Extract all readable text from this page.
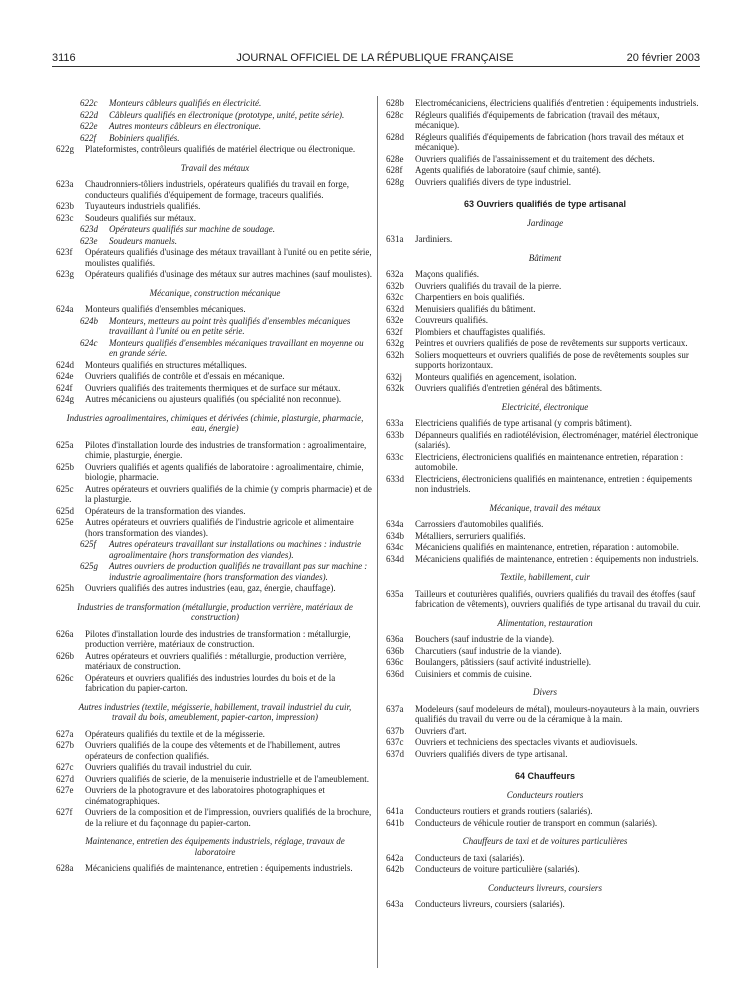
3116	JOURNAL OFFICIEL DE LA RÉPUBLIQUE FRANÇAISE	20 février 2003
622c Monteurs câbleurs qualifiés en électricité.
622d Câbleurs qualifiés en électronique (prototype, unité, petite série).
622e Autres monteurs câbleurs en électronique.
622f Bobiniers qualifiés.
622g Plateformistes, contrôleurs qualifiés de matériel électrique ou électronique.
Travail des métaux
623a Chaudronniers-tôliers industriels, opérateurs qualifiés du travail en forge, conducteurs qualifiés d'équipement de formage, traceurs qualifiés.
623b Tuyauteurs industriels qualifiés.
623c Soudeurs qualifiés sur métaux.
623d Opérateurs qualifiés sur machine de soudage.
623e Soudeurs manuels.
623f Opérateurs qualifiés d'usinage des métaux travaillant à l'unité ou en petite série, moulistes qualifiés.
623g Opérateurs qualifiés d'usinage des métaux sur autres machines (sauf moulistes).
Mécanique, construction mécanique
624a Monteurs qualifiés d'ensembles mécaniques.
624b Monteurs, metteurs au point très qualifiés d'ensembles mécaniques travaillant à l'unité ou en petite série.
624c Monteurs qualifiés d'ensembles mécaniques travaillant en moyenne ou en grande série.
624d Monteurs qualifiés en structures métalliques.
624e Ouvriers qualifiés de contrôle et d'essais en mécanique.
624f Ouvriers qualifiés des traitements thermiques et de surface sur métaux.
624g Autres mécaniciens ou ajusteurs qualifiés (ou spécialité non reconnue).
Industries agroalimentaires, chimiques et dérivées (chimie, plasturgie, pharmacie, eau, énergie)
625a Pilotes d'installation lourde des industries de transformation : agroalimentaire, chimie, plasturgie, énergie.
625b Ouvriers qualifiés et agents qualifiés de laboratoire : agroalimentaire, chimie, biologie, pharmacie.
625c Autres opérateurs et ouvriers qualifiés de la chimie (y compris pharmacie) et de la plasturgie.
625d Opérateurs de la transformation des viandes.
625e Autres opérateurs et ouvriers qualifiés de l'industrie agricole et alimentaire (hors transformation des viandes).
625f Autres opérateurs travaillant sur installations ou machines : industrie agroalimentaire (hors transformation des viandes).
625g Autres ouvriers de production qualifiés ne travaillant pas sur machine : industrie agroalimentaire (hors transformation des viandes).
625h Ouvriers qualifiés des autres industries (eau, gaz, énergie, chauffage).
Industries de transformation (métallurgie, production verrière, matériaux de construction)
626a Pilotes d'installation lourde des industries de transformation : métallurgie, production verrière, matériaux de construction.
626b Autres opérateurs et ouvriers qualifiés : métallurgie, production verrière, matériaux de construction.
626c Opérateurs et ouvriers qualifiés des industries lourdes du bois et de la fabrication du papier-carton.
Autres industries (textile, mégisserie, habillement, travail industriel du cuir, travail du bois, ameublement, papier-carton, impression)
627a Opérateurs qualifiés du textile et de la mégisserie.
627b Ouvriers qualifiés de la coupe des vêtements et de l'habillement, autres opérateurs de confection qualifiés.
627c Ouvriers qualifiés du travail industriel du cuir.
627d Ouvriers qualifiés de scierie, de la menuiserie industrielle et de l'ameublement.
627e Ouvriers de la photogravure et des laboratoires photographiques et cinématographiques.
627f Ouvriers de la composition et de l'impression, ouvriers qualifiés de la brochure, de la reliure et du façonnage du papier-carton.
Maintenance, entretien des équipements industriels, réglage, travaux de laboratoire
628a Mécaniciens qualifiés de maintenance, entretien : équipements industriels.
628b Electromécaniciens, électriciens qualifiés d'entretien : équipements industriels.
628c Régleurs qualifiés d'équipements de fabrication (travail des métaux, mécanique).
628d Régleurs qualifiés d'équipements de fabrication (hors travail des métaux et mécanique).
628e Ouvriers qualifiés de l'assainissement et du traitement des déchets.
628f Agents qualifiés de laboratoire (sauf chimie, santé).
628g Ouvriers qualifiés divers de type industriel.
63 Ouvriers qualifiés de type artisanal
Jardinage
631a Jardiniers.
Bâtiment
632a Maçons qualifiés.
632b Ouvriers qualifiés du travail de la pierre.
632c Charpentiers en bois qualifiés.
632d Menuisiers qualifiés du bâtiment.
632e Couvreurs qualifiés.
632f Plombiers et chauffagistes qualifiés.
632g Peintres et ouvriers qualifiés de pose de revêtements sur supports verticaux.
632h Soliers moquetteurs et ouvriers qualifiés de pose de revêtements souples sur supports horizontaux.
632j Monteurs qualifiés en agencement, isolation.
632k Ouvriers qualifiés d'entretien général des bâtiments.
Electricité, électronique
633a Electriciens qualifiés de type artisanal (y compris bâtiment).
633b Dépanneurs qualifiés en radiotélévision, électroménager, matériel électronique (salariés).
633c Electriciens, électroniciens qualifiés en maintenance entretien, réparation : automobile.
633d Electriciens, électroniciens qualifiés en maintenance, entretien : équipements non industriels.
Mécanique, travail des métaux
634a Carrossiers d'automobiles qualifiés.
634b Métalliers, serruriers qualifiés.
634c Mécaniciens qualifiés en maintenance, entretien, réparation : automobile.
634d Mécaniciens qualifiés de maintenance, entretien : équipements non industriels.
Textile, habillement, cuir
635a Tailleurs et couturières qualifiés, ouvriers qualifiés du travail des étoffes (sauf fabrication de vêtements), ouvriers qualifiés de type artisanal du travail du cuir.
Alimentation, restauration
636a Bouchers (sauf industrie de la viande).
636b Charcutiers (sauf industrie de la viande).
636c Boulangers, pâtissiers (sauf activité industrielle).
636d Cuisiniers et commis de cuisine.
Divers
637a Modeleurs (sauf modeleurs de métal), mouleurs-noyauteurs à la main, ouvriers qualifiés du travail du verre ou de la céramique à la main.
637b Ouvriers d'art.
637c Ouvriers et techniciens des spectacles vivants et audiovisuels.
637d Ouvriers qualifiés divers de type artisanal.
64 Chauffeurs
Conducteurs routiers
641a Conducteurs routiers et grands routiers (salariés).
641b Conducteurs de véhicule routier de transport en commun (salariés).
Chauffeurs de taxi et de voitures particulières
642a Conducteurs de taxi (salariés).
642b Conducteurs de voiture particulière (salariés).
Conducteurs livreurs, coursiers
643a Conducteurs livreurs, coursiers (salariés).
